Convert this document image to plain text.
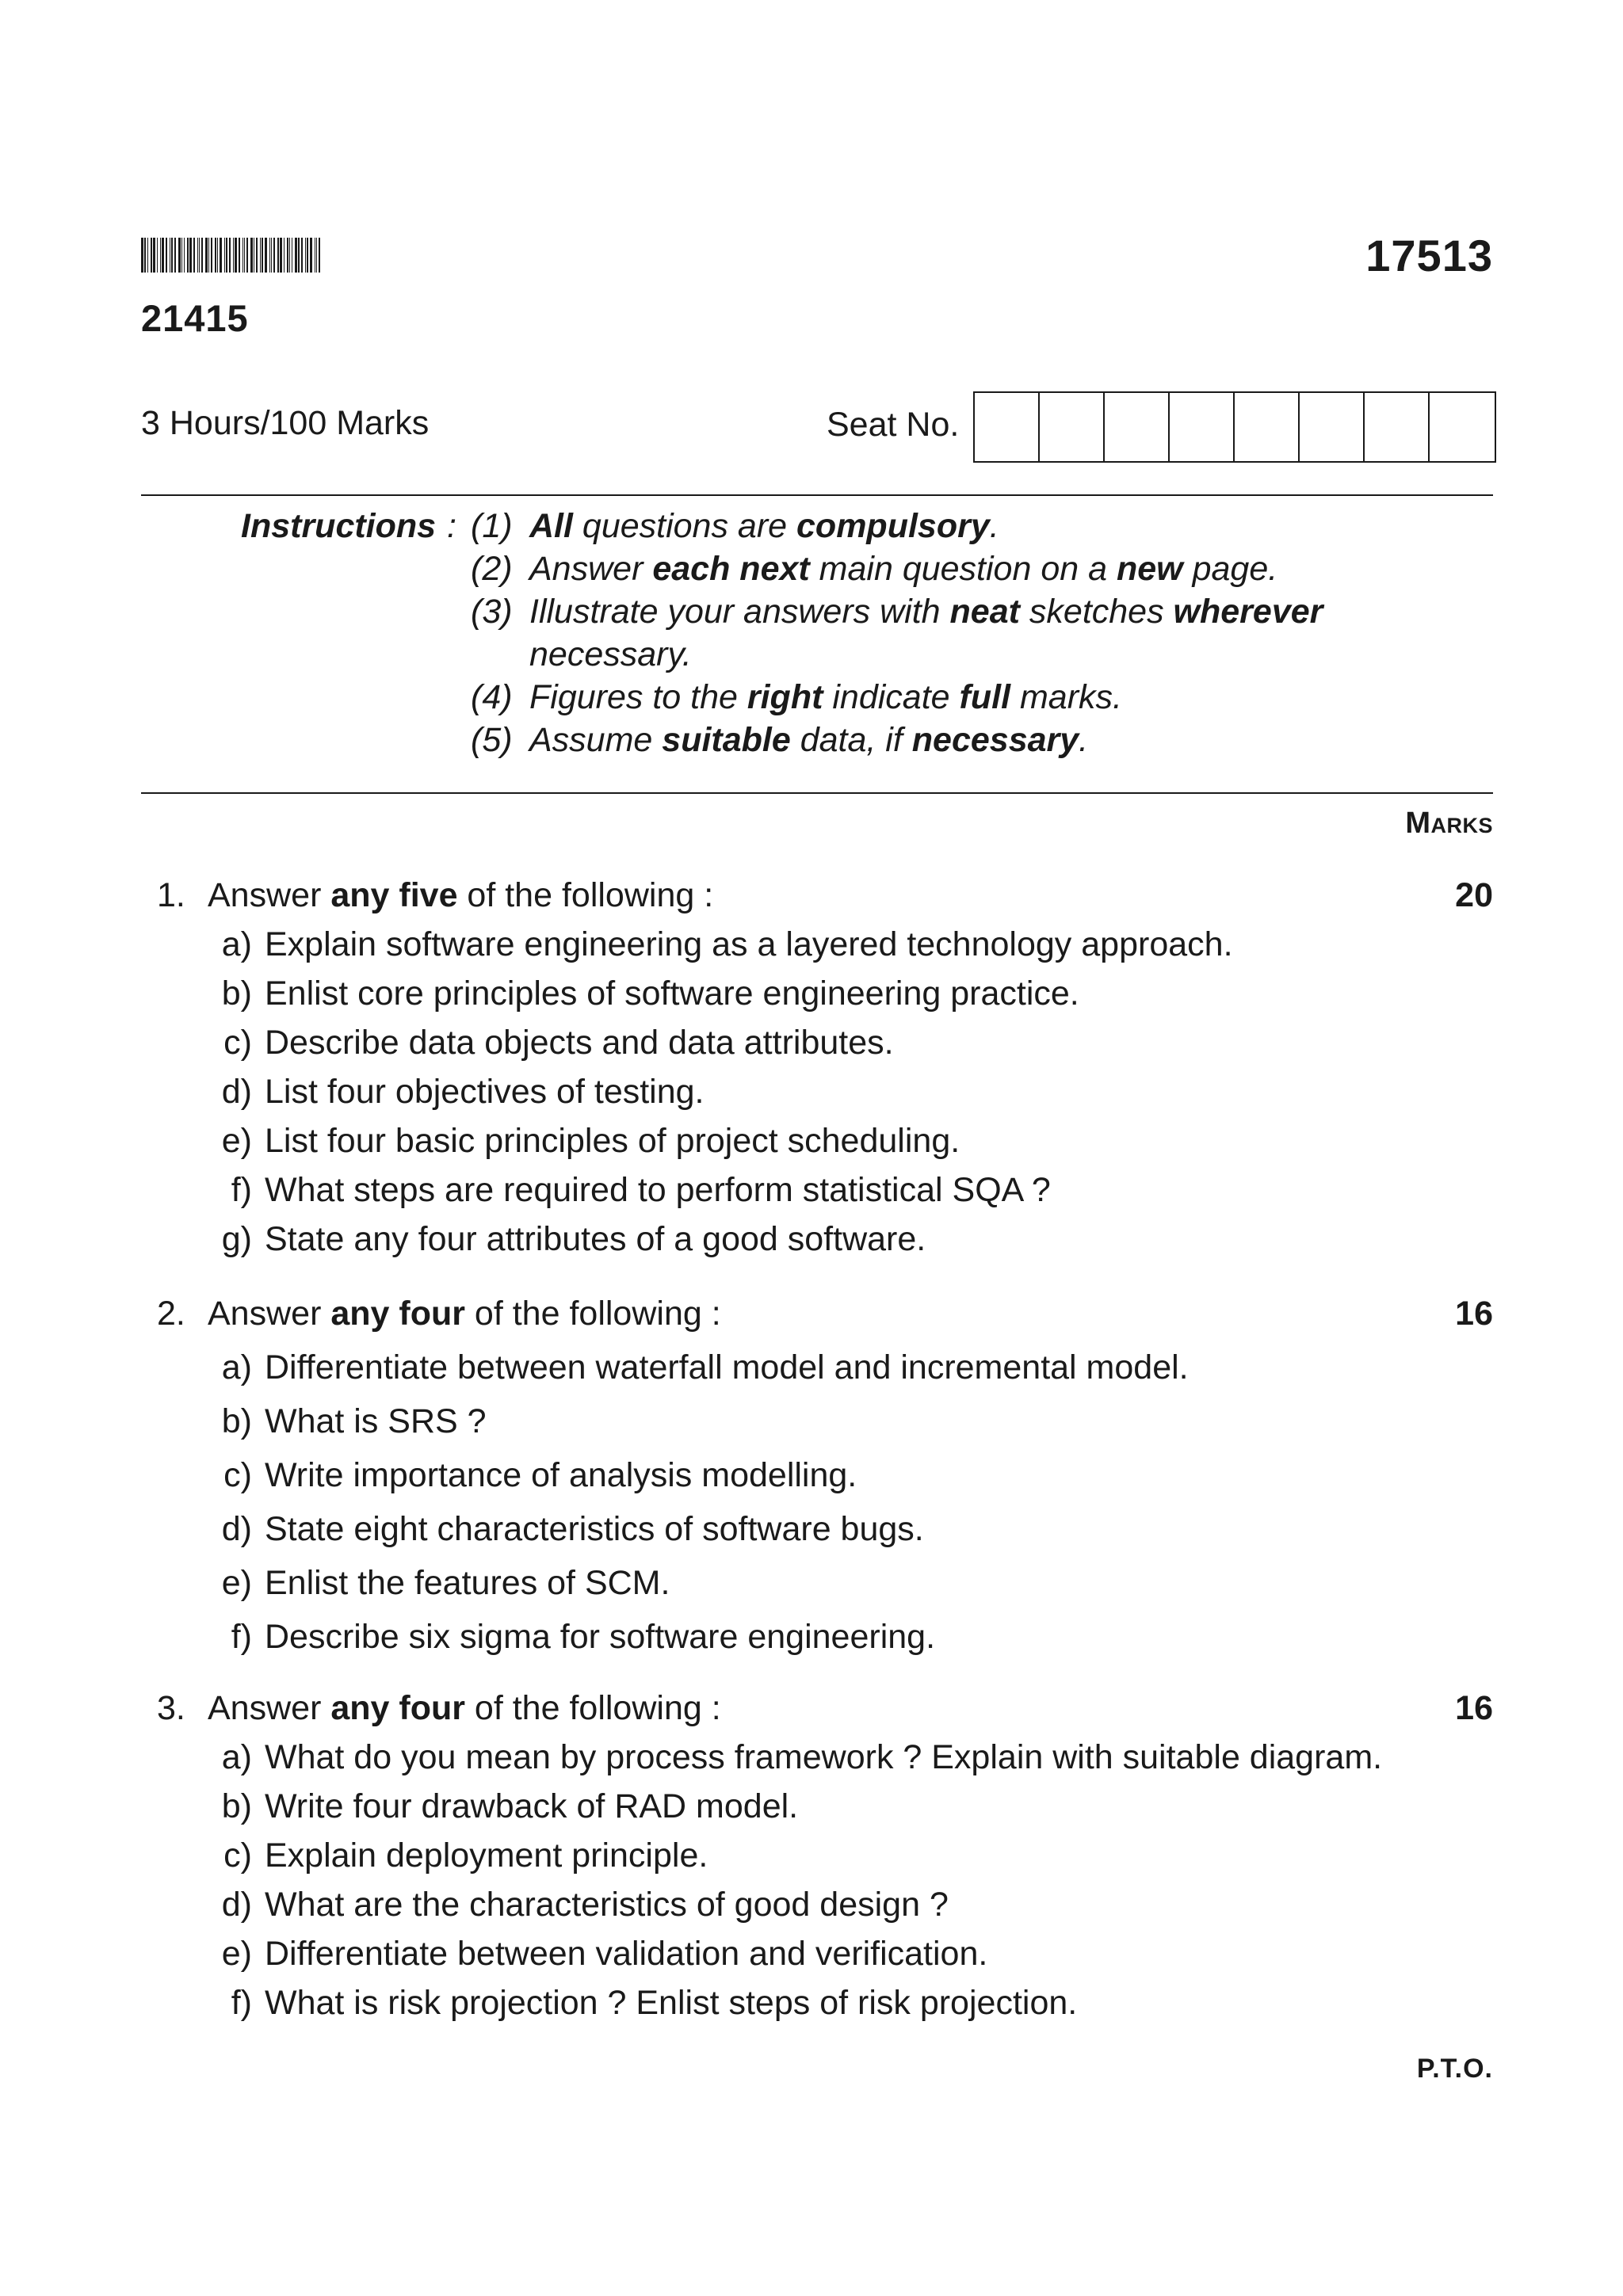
17513
21415
3 Hours/100 Marks	Seat No.
Instructions : (1) All questions are compulsory.
(2) Answer each next main question on a new page.
(3) Illustrate your answers with neat sketches wherever
necessary.
(4) Figures to the right indicate full marks.
(5) Assume suitable data, if necessary.
Marks
1. Answer any five of the following :	20
a) Explain software engineering as a layered technology approach.
b) Enlist core principles of software engineering practice.
c) Describe data objects and data attributes.
d) List four objectives of testing.
e) List four basic principles of project scheduling.
f) What steps are required to perform statistical SQA ?
g) State any four attributes of a good software.
2. Answer any four of the following :	16
a) Differentiate between waterfall model and incremental model.
b) What is SRS ?
c) Write importance of analysis modelling.
d) State eight characteristics of software bugs.
e) Enlist the features of SCM.
f) Describe six sigma for software engineering.
3. Answer any four of the following :	16
a) What do you mean by process framework ? Explain with suitable diagram.
b) Write four drawback of RAD model.
c) Explain deployment principle.
d) What are the characteristics of good design ?
e) Differentiate between validation and verification.
f) What is risk projection ? Enlist steps of risk projection.
P.T.O.
